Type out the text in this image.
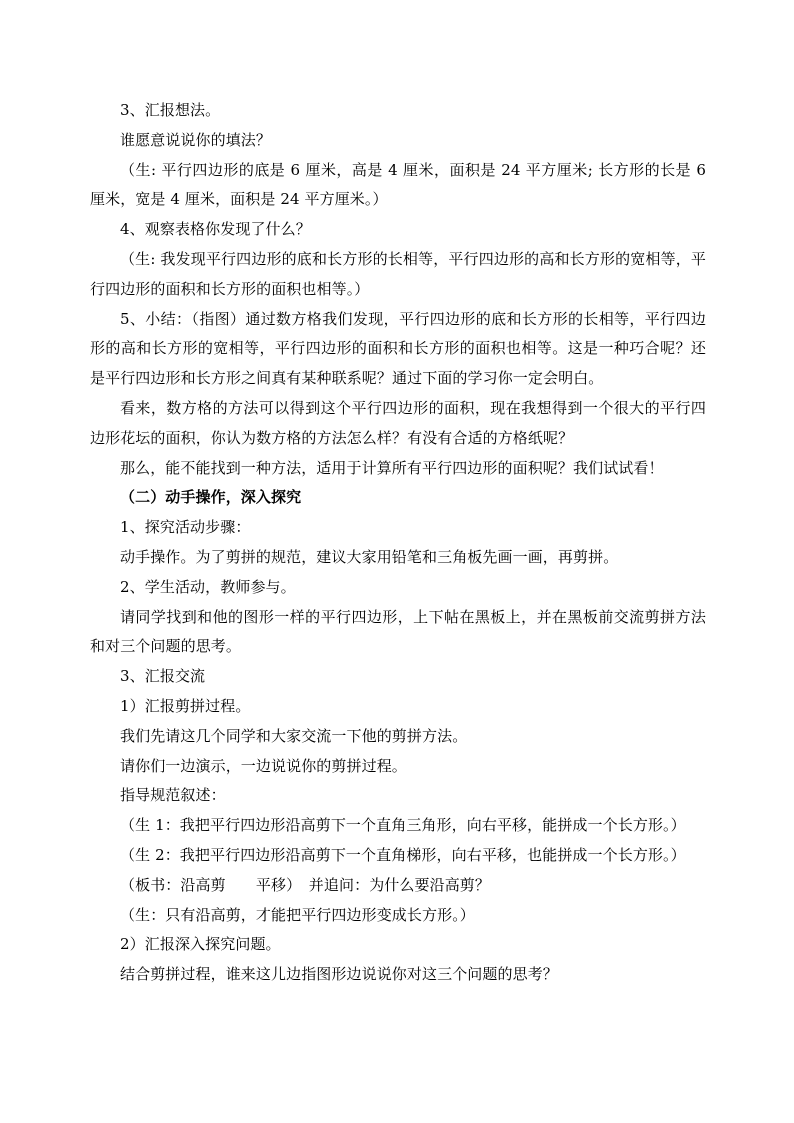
3、汇报想法。

谁愿意说说你的填法？

（生: 平行四边形的底是 6 厘米，高是 4 厘米，面积是 24 平方厘米; 长方形的长是 6 厘米，宽是 4 厘米，面积是 24 平方厘米。）

4、观察表格你发现了什么？

（生: 我发现平行四边形的底和长方形的长相等，平行四边形的高和长方形的宽相等，平行四边形的面积和长方形的面积也相等。）

5、小结：（指图）通过数方格我们发现，平行四边形的底和长方形的长相等，平行四边形的高和长方形的宽相等，平行四边形的面积和长方形的面积也相等。这是一种巧合呢？还是平行四边形和长方形之间真有某种联系呢？通过下面的学习你一定会明白。

看来，数方格的方法可以得到这个平行四边形的面积，现在我想得到一个很大的平行四边形花坛的面积，你认为数方格的方法怎么样？有没有合适的方格纸呢？

那么，能不能找到一种方法，适用于计算所有平行四边形的面积呢？我们试试看！

（二）动手操作，深入探究

1、探究活动步骤：

动手操作。为了剪拼的规范，建议大家用铅笔和三角板先画一画，再剪拼。

2、学生活动，教师参与。

请同学找到和他的图形一样的平行四边形，上下帖在黑板上，并在黑板前交流剪拼方法和对三个问题的思考。

3、汇报交流

1）汇报剪拼过程。

我们先请这几个同学和大家交流一下他的剪拼方法。

请你们一边演示，一边说说你的剪拼过程。

指导规范叙述：

（生 1：我把平行四边形沿高剪下一个直角三角形，向右平移，能拼成一个长方形。）

（生 2：我把平行四边形沿高剪下一个直角梯形，向右平移，也能拼成一个长方形。）

（板书：沿高剪　　平移）　并追问：为什么要沿高剪？

（生：只有沿高剪，才能把平行四边形变成长方形。）

2）汇报深入探究问题。

结合剪拼过程，谁来这儿边指图形边说说你对这三个问题的思考？
